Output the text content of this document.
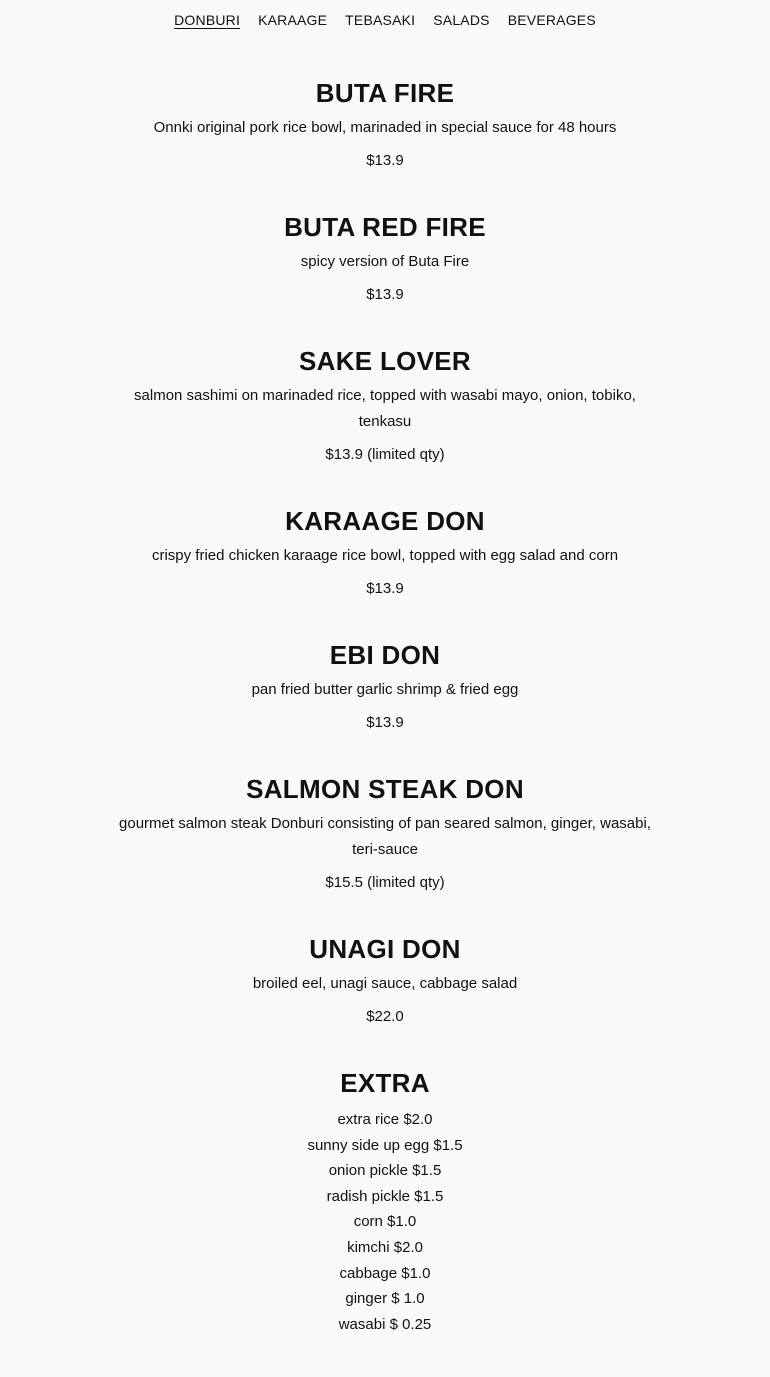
DONBURI KARAAGE TEBASAKI SALADS BEVERAGES
BUTA FIRE

Onnki original pork rice bowl, marinaded in special sauce for 48 hours

$13.9
BUTA RED FIRE

spicy version of Buta Fire

$13.9
SAKE LOVER

salmon sashimi on marinaded rice, topped with wasabi mayo, onion, tobiko, tenkasu

$13.9 (limited qty)
KARAAGE DON

crispy fried chicken karaage rice bowl, topped with egg salad and corn

$13.9
EBI DON

pan fried butter garlic shrimp & fried egg

$13.9
SALMON STEAK DON

gourmet salmon steak Donburi consisting of pan seared salmon, ginger, wasabi, teri-sauce

$15.5 (limited qty)
UNAGI DON

broiled eel, unagi sauce, cabbage salad

$22.0
EXTRA
extra rice $2.0
sunny side up egg $1.5
onion pickle $1.5
radish pickle $1.5
corn $1.0
kimchi $2.0
cabbage $1.0
ginger $ 1.0
wasabi $ 0.25
